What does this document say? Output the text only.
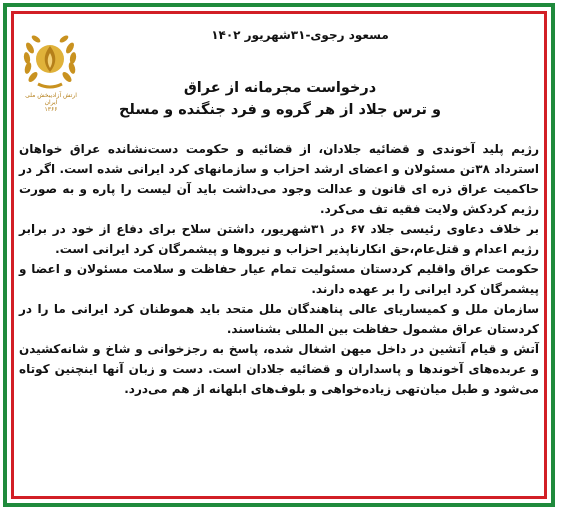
ارتش آزادیبخش ملی ایران
۱۳۶۶
مسعود رجوی-۳۱شهریور ۱۴۰۲
درخواست مجرمانه از عراق
و ترس جلاد از هر گروه و فرد جنگنده و مسلح

رژیم پلید آخوندی و قضائیه جلادان، از قضائیه و حکومت دست‌نشانده عراق خواهان استرداد ۳۸تن مسئولان و اعضای ارشد احزاب و سازمانهای کرد ایرانی شده است. اگر در حاکمیت عراق ذره ای قانون و عدالت وجود می‌داشت باید آن لیست را پاره و به صورت رژیم کردکش ولایت فقیه تف می‌کرد.

بر خلاف دعاوی رئیسی جلاد ۶۷ در ۳۱شهریور، داشتن سلاح برای دفاع از خود در برابر رژیم اعدام و قتل‌عام،حق انکارناپذیر احزاب و نیروها و پیشمرگان کرد ایرانی است.

حکومت عراق واقلیم کردستان مسئولیت تمام عیار حفاظت و سلامت مسئولان و اعضا و پیشمرگان کرد ایرانی را بر عهده دارند.

سازمان ملل و کمیساریای عالی پناهندگان ملل متحد باید هموطنان کرد ایرانی ما را در کردستان عراق مشمول حفاظت بین المللی بشناسند.

آتش و قیام آتشین در داخل میهن اشغال شده، پاسخ به رجزخوانی و شاخ و شانه‌کشیدن و عربده‌های آخوندها و پاسداران و قضائیه جلادان است. دست و زبان آنها اینچنین کوتاه می‌شود و طبل میان‌تهی زیاده‌خواهی و بلوف‌های ابلهانه از هم می‌درد.
